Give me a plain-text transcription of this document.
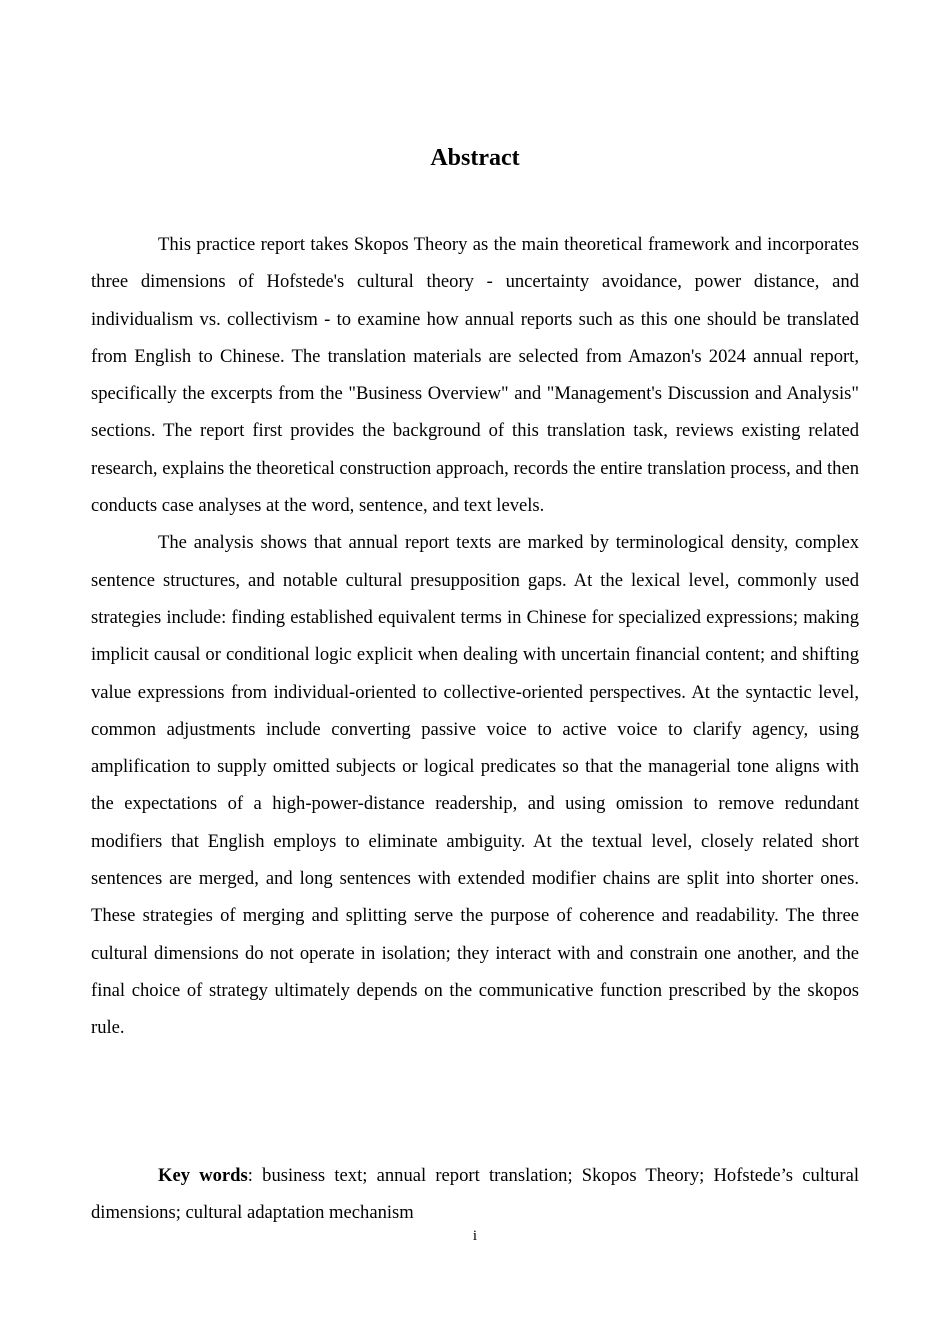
Abstract

This practice report takes Skopos Theory as the main theoretical framework and incorporates three dimensions of Hofstede's cultural theory - uncertainty avoidance, power distance, and individualism vs. collectivism - to examine how annual reports such as this one should be translated from English to Chinese. The translation materials are selected from Amazon's 2024 annual report, specifically the excerpts from the "Business Overview" and "Management's Discussion and Analysis" sections. The report first provides the background of this translation task, reviews existing related research, explains the theoretical construction approach, records the entire translation process, and then conducts case analyses at the word, sentence, and text levels.

The analysis shows that annual report texts are marked by terminological density, complex sentence structures, and notable cultural presupposition gaps. At the lexical level, commonly used strategies include: finding established equivalent terms in Chinese for specialized expressions; making implicit causal or conditional logic explicit when dealing with uncertain financial content; and shifting value expressions from individual-oriented to collective-oriented perspectives. At the syntactic level, common adjustments include converting passive voice to active voice to clarify agency, using amplification to supply omitted subjects or logical predicates so that the managerial tone aligns with the expectations of a high-power-distance readership, and using omission to remove redundant modifiers that English employs to eliminate ambiguity. At the textual level, closely related short sentences are merged, and long sentences with extended modifier chains are split into shorter ones. These strategies of merging and splitting serve the purpose of coherence and readability. The three cultural dimensions do not operate in isolation; they interact with and constrain one another, and the final choice of strategy ultimately depends on the communicative function prescribed by the skopos rule.

Key words: business text; annual report translation; Skopos Theory; Hofstede’s cultural dimensions; cultural adaptation mechanism

i
